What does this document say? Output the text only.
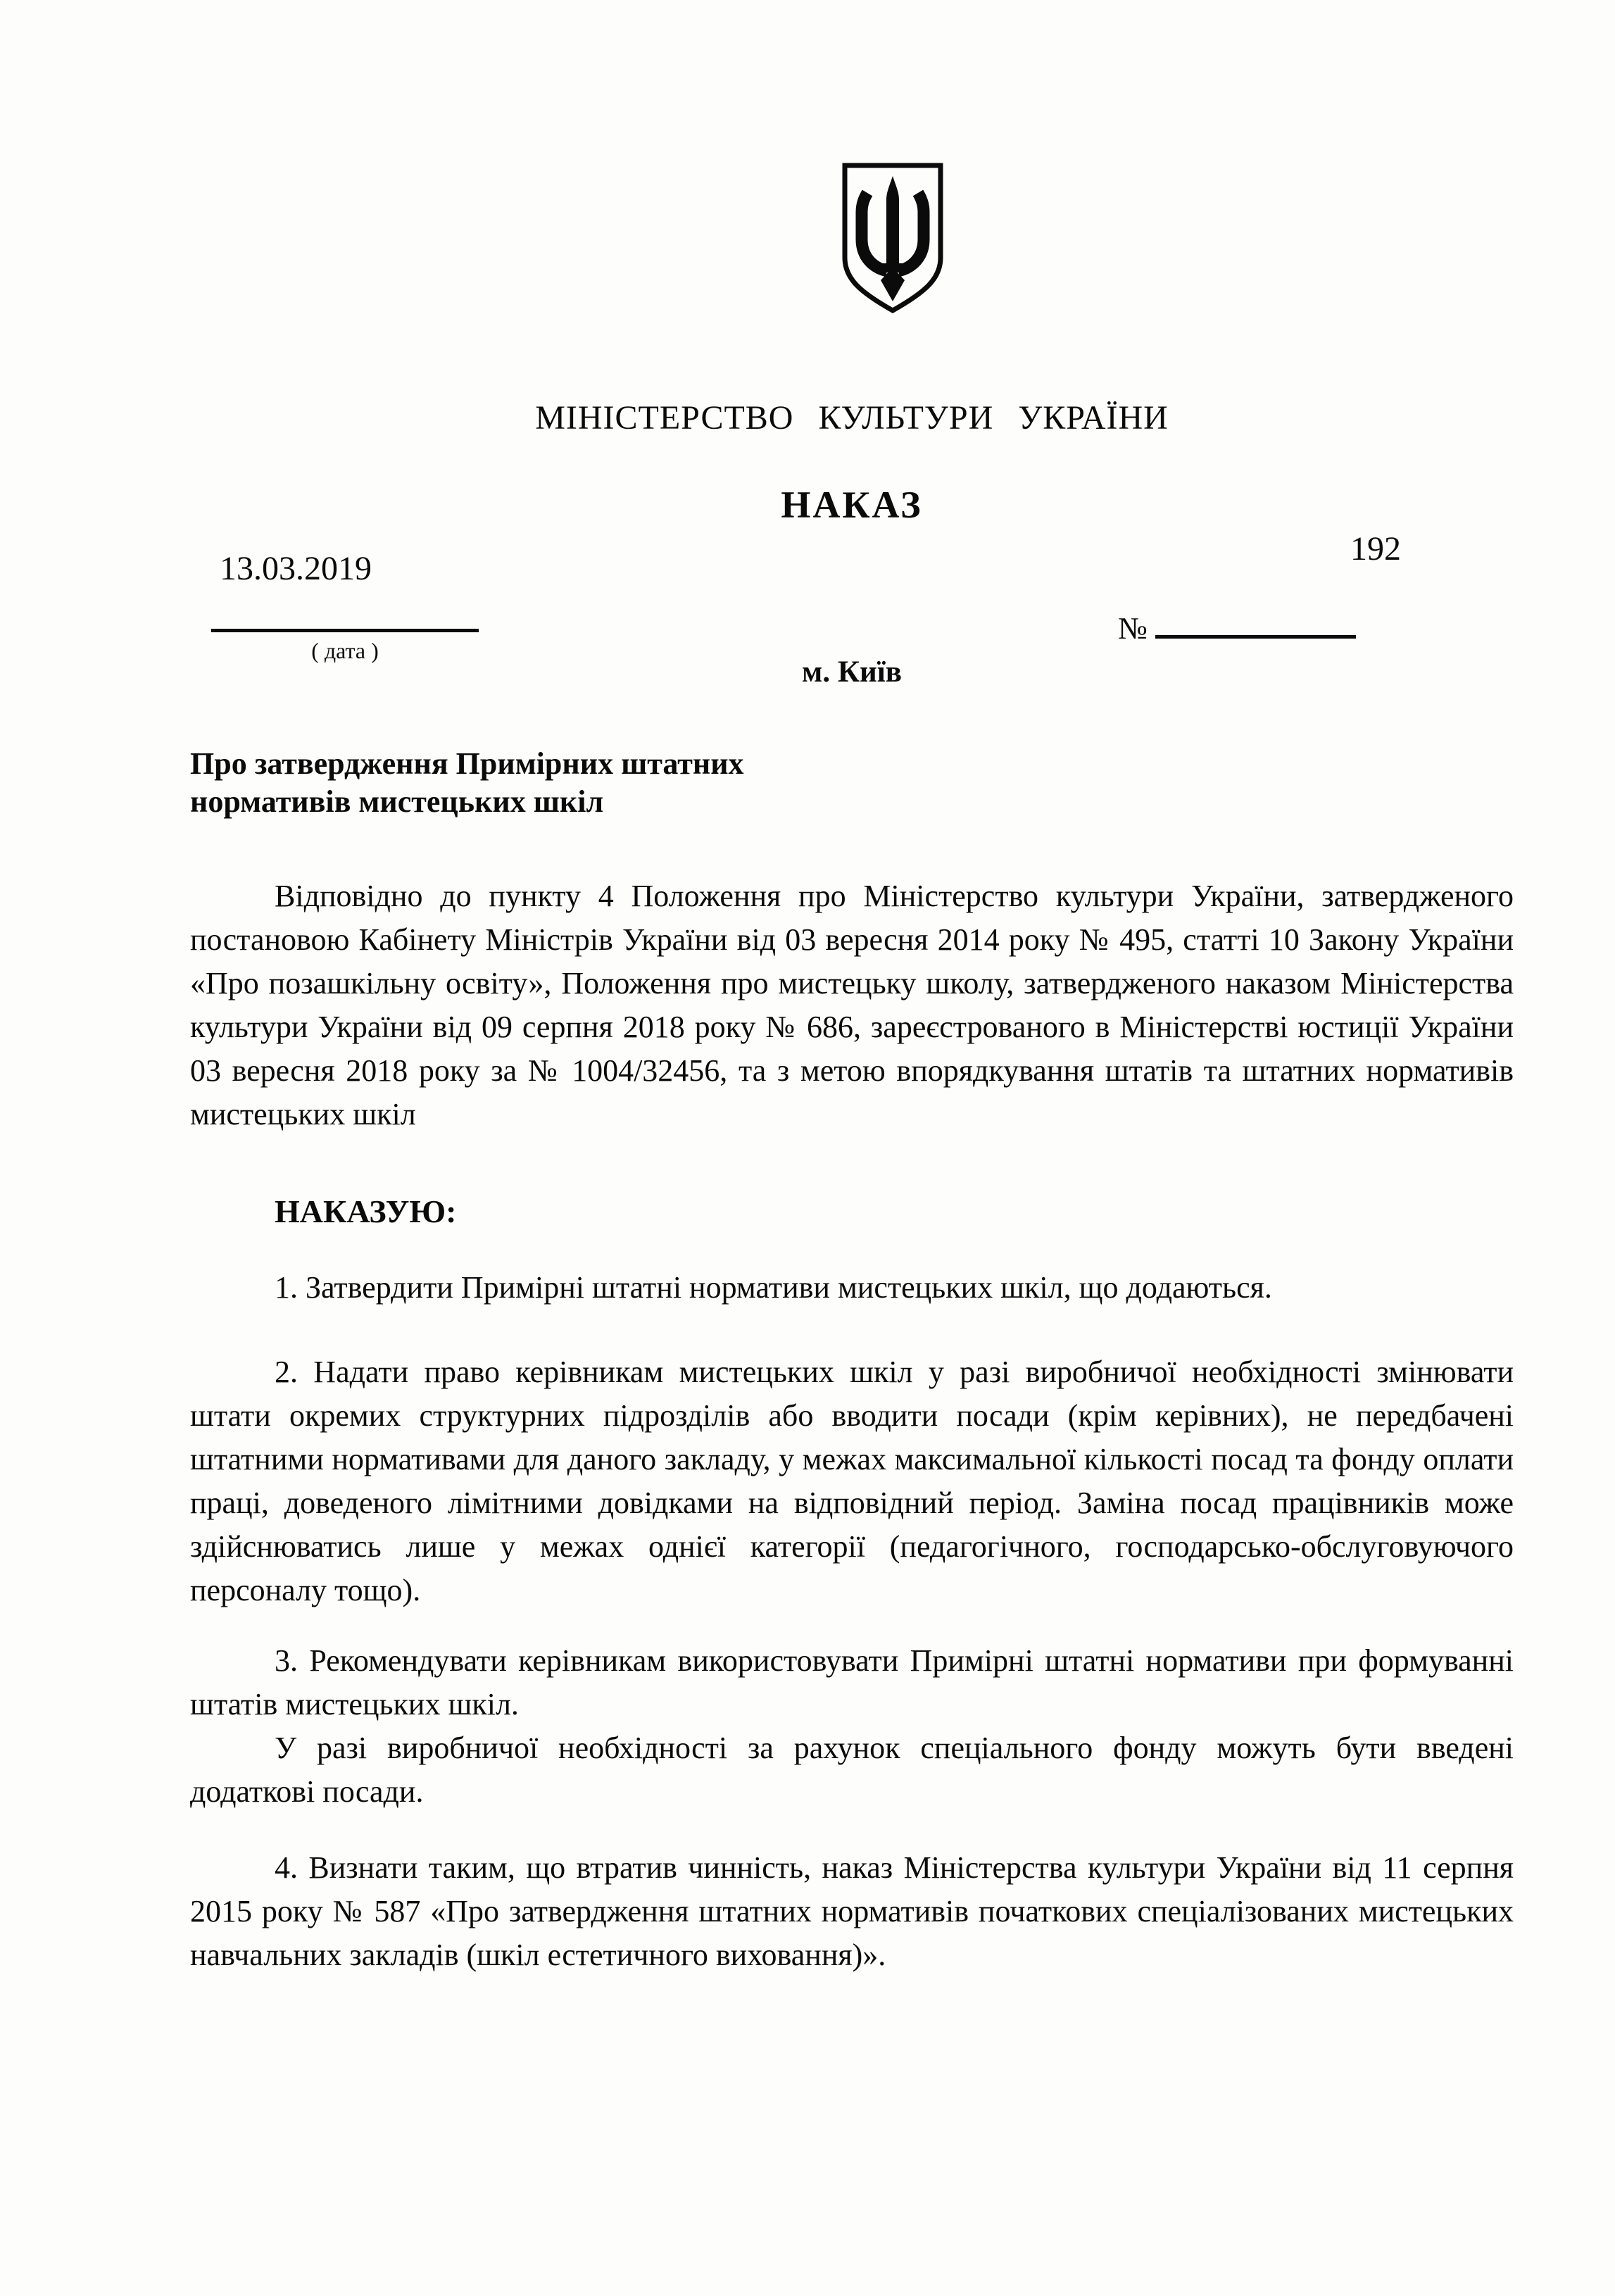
МІНІСТЕРСТВО КУЛЬТУРИ УКРАЇНИ
НАКАЗ
13.03.2019
192
( дата )
№
м. Київ
Про затвердження Примірних штатних
нормативів мистецьких шкіл

Відповідно до пункту 4 Положення про Міністерство культури України, затвердженого постановою Кабінету Міністрів України від 03 вересня 2014 року № 495, статті 10 Закону України «Про позашкільну освіту», Положення про мистецьку школу, затвердженого наказом Міністерства культури України від 09 серпня 2018 року № 686, зареєстрованого в Міністерстві юстиції України 03 вересня 2018 року за № 1004/32456, та з метою впорядкування штатів та штатних нормативів мистецьких шкіл

НАКАЗУЮ:

1. Затвердити Примірні штатні нормативи мистецьких шкіл, що додаються.

2. Надати право керівникам мистецьких шкіл у разі виробничої необхідності змінювати штати окремих структурних підрозділів або вводити посади (крім керівних), не передбачені штатними нормативами для даного закладу, у межах максимальної кількості посад та фонду оплати праці, доведеного лімітними довідками на відповідний період. Заміна посад працівників може здійснюватись лише у межах однієї категорії (педагогічного, господарсько-обслуговуючого персоналу тощо).

3. Рекомендувати керівникам використовувати Примірні штатні нормативи при формуванні штатів мистецьких шкіл.

У разі виробничої необхідності за рахунок спеціального фонду можуть бути введені додаткові посади.

4. Визнати таким, що втратив чинність, наказ Міністерства культури України від 11 серпня 2015 року № 587 «Про затвердження штатних нормативів початкових спеціалізованих мистецьких навчальних закладів (шкіл естетичного виховання)».
